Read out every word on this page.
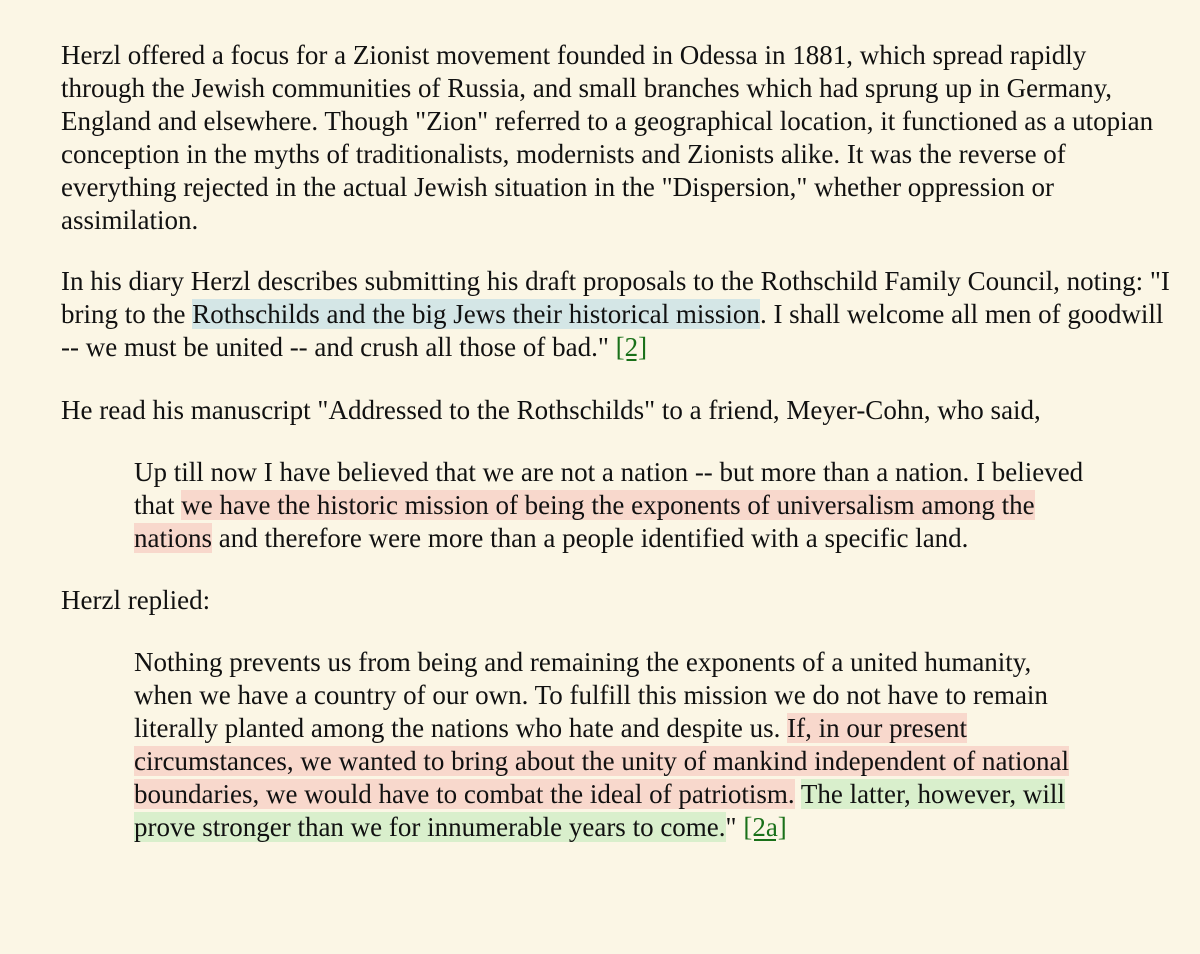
Herzl offered a focus for a Zionist movement founded in Odessa in 1881, which spread rapidly through the Jewish communities of Russia, and small branches which had sprung up in Germany, England and elsewhere. Though "Zion" referred to a geographical location, it functioned as a utopian conception in the myths of traditionalists, modernists and Zionists alike. It was the reverse of everything rejected in the actual Jewish situation in the "Dispersion," whether oppression or assimilation.

In his diary Herzl describes submitting his draft proposals to the Rothschild Family Council, noting: "I bring to the Rothschilds and the big Jews their historical mission. I shall welcome all men of goodwill -- we must be united -- and crush all those of bad." [2]

He read his manuscript "Addressed to the Rothschilds" to a friend, Meyer-Cohn, who said,

Up till now I have believed that we are not a nation -- but more than a nation. I believed that we have the historic mission of being the exponents of universalism among the nations and therefore were more than a people identified with a specific land.

Herzl replied:

Nothing prevents us from being and remaining the exponents of a united humanity, when we have a country of our own. To fulfill this mission we do not have to remain literally planted among the nations who hate and despite us. If, in our present circumstances, we wanted to bring about the unity of mankind independent of national boundaries, we would have to combat the ideal of patriotism. The latter, however, will prove stronger than we for innumerable years to come." [2a]
